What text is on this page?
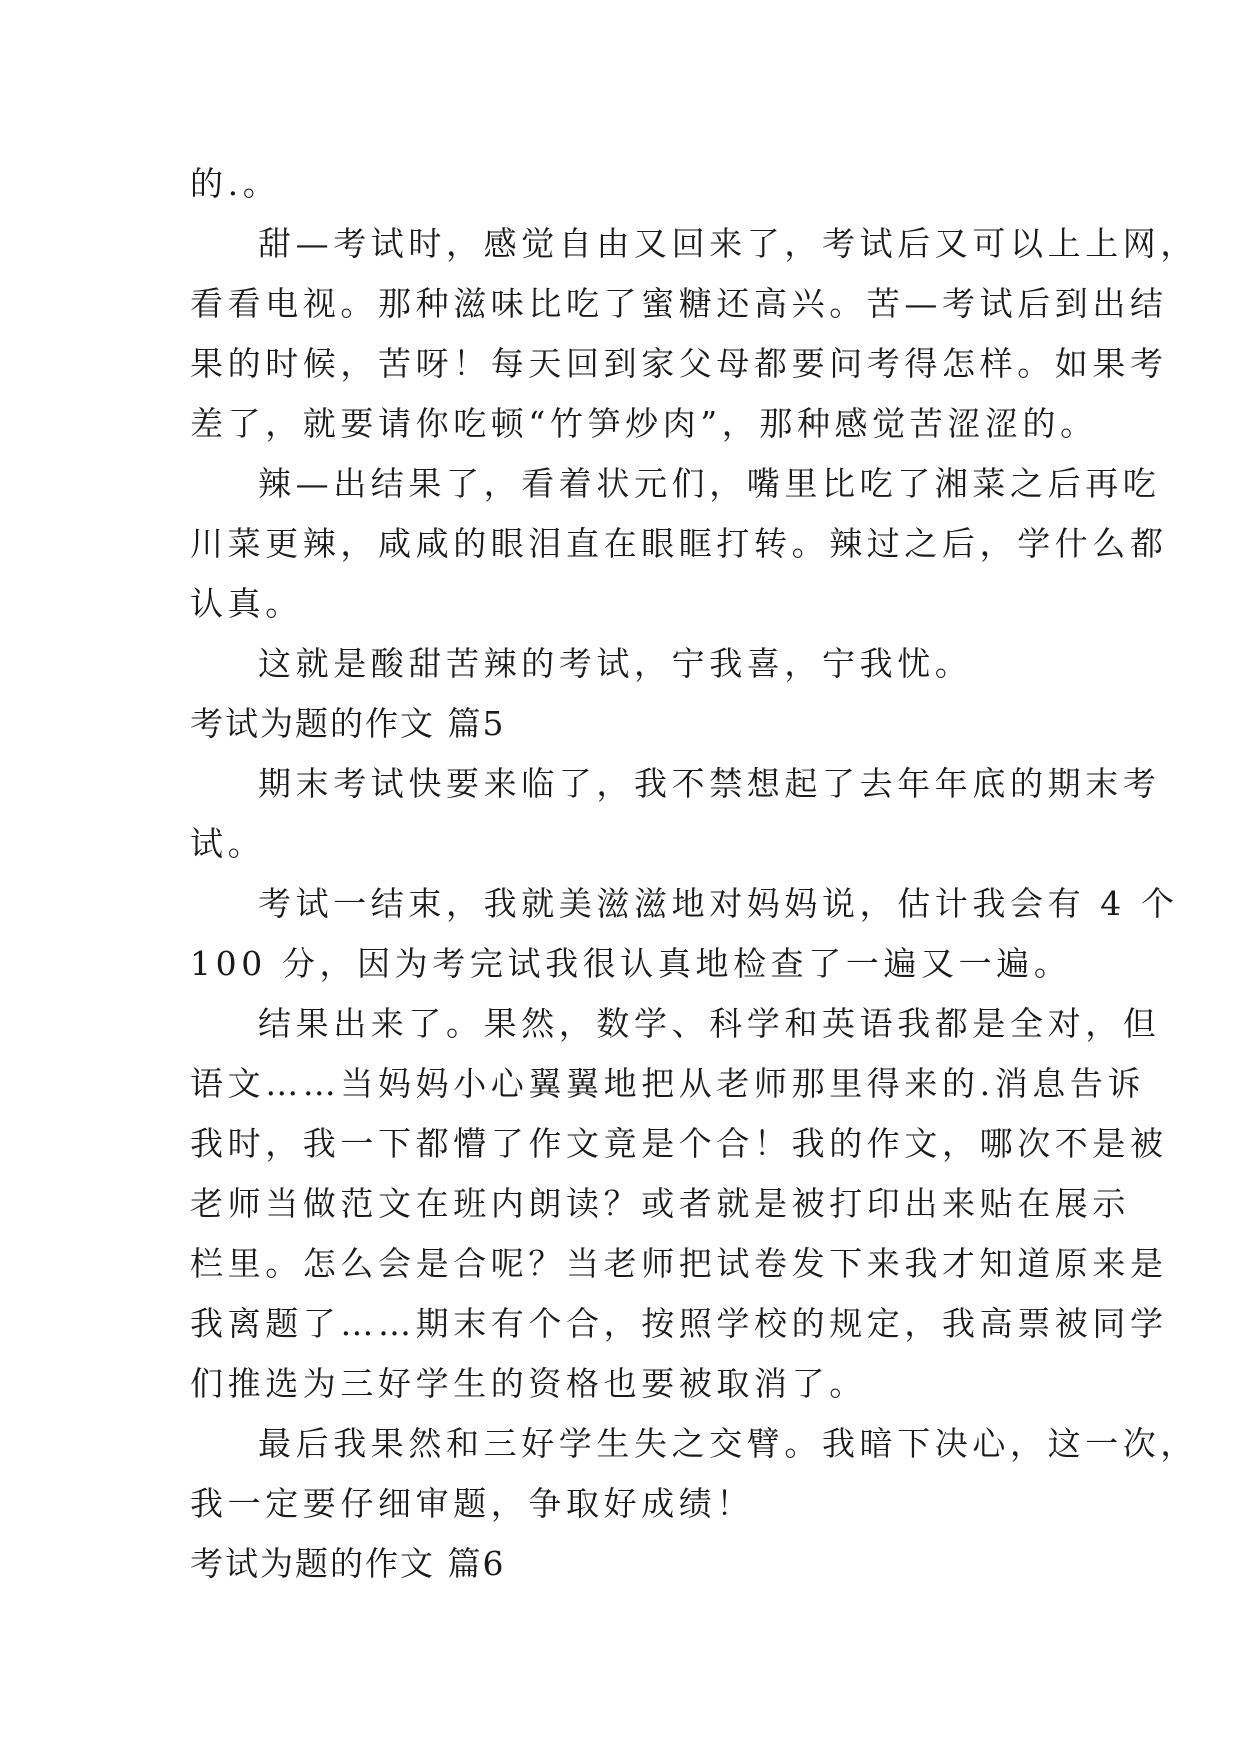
的.。
甜—考试时，感觉自由又回来了，考试后又可以上上网，
看看电视。那种滋味比吃了蜜糖还高兴。苦—考试后到出结
果的时候，苦呀！每天回到家父母都要问考得怎样。如果考
差了，就要请你吃顿“竹笋炒肉”，那种感觉苦涩涩的。
辣—出结果了，看着状元们，嘴里比吃了湘菜之后再吃
川菜更辣，咸咸的眼泪直在眼眶打转。辣过之后，学什么都
认真。
这就是酸甜苦辣的考试，宁我喜，宁我忧。
考试为题的作文 篇5
期末考试快要来临了，我不禁想起了去年年底的期末考
试。
考试一结束，我就美滋滋地对妈妈说，估计我会有 4 个
100 分，因为考完试我很认真地检查了一遍又一遍。
结果出来了。果然，数学、科学和英语我都是全对，但
语文……当妈妈小心翼翼地把从老师那里得来的.消息告诉
我时，我一下都懵了作文竟是个合！我的作文，哪次不是被
老师当做范文在班内朗读？或者就是被打印出来贴在展示
栏里。怎么会是合呢？当老师把试卷发下来我才知道原来是
我离题了……期末有个合，按照学校的规定，我高票被同学
们推选为三好学生的资格也要被取消了。
最后我果然和三好学生失之交臂。我暗下决心，这一次，
我一定要仔细审题，争取好成绩！
考试为题的作文 篇6
